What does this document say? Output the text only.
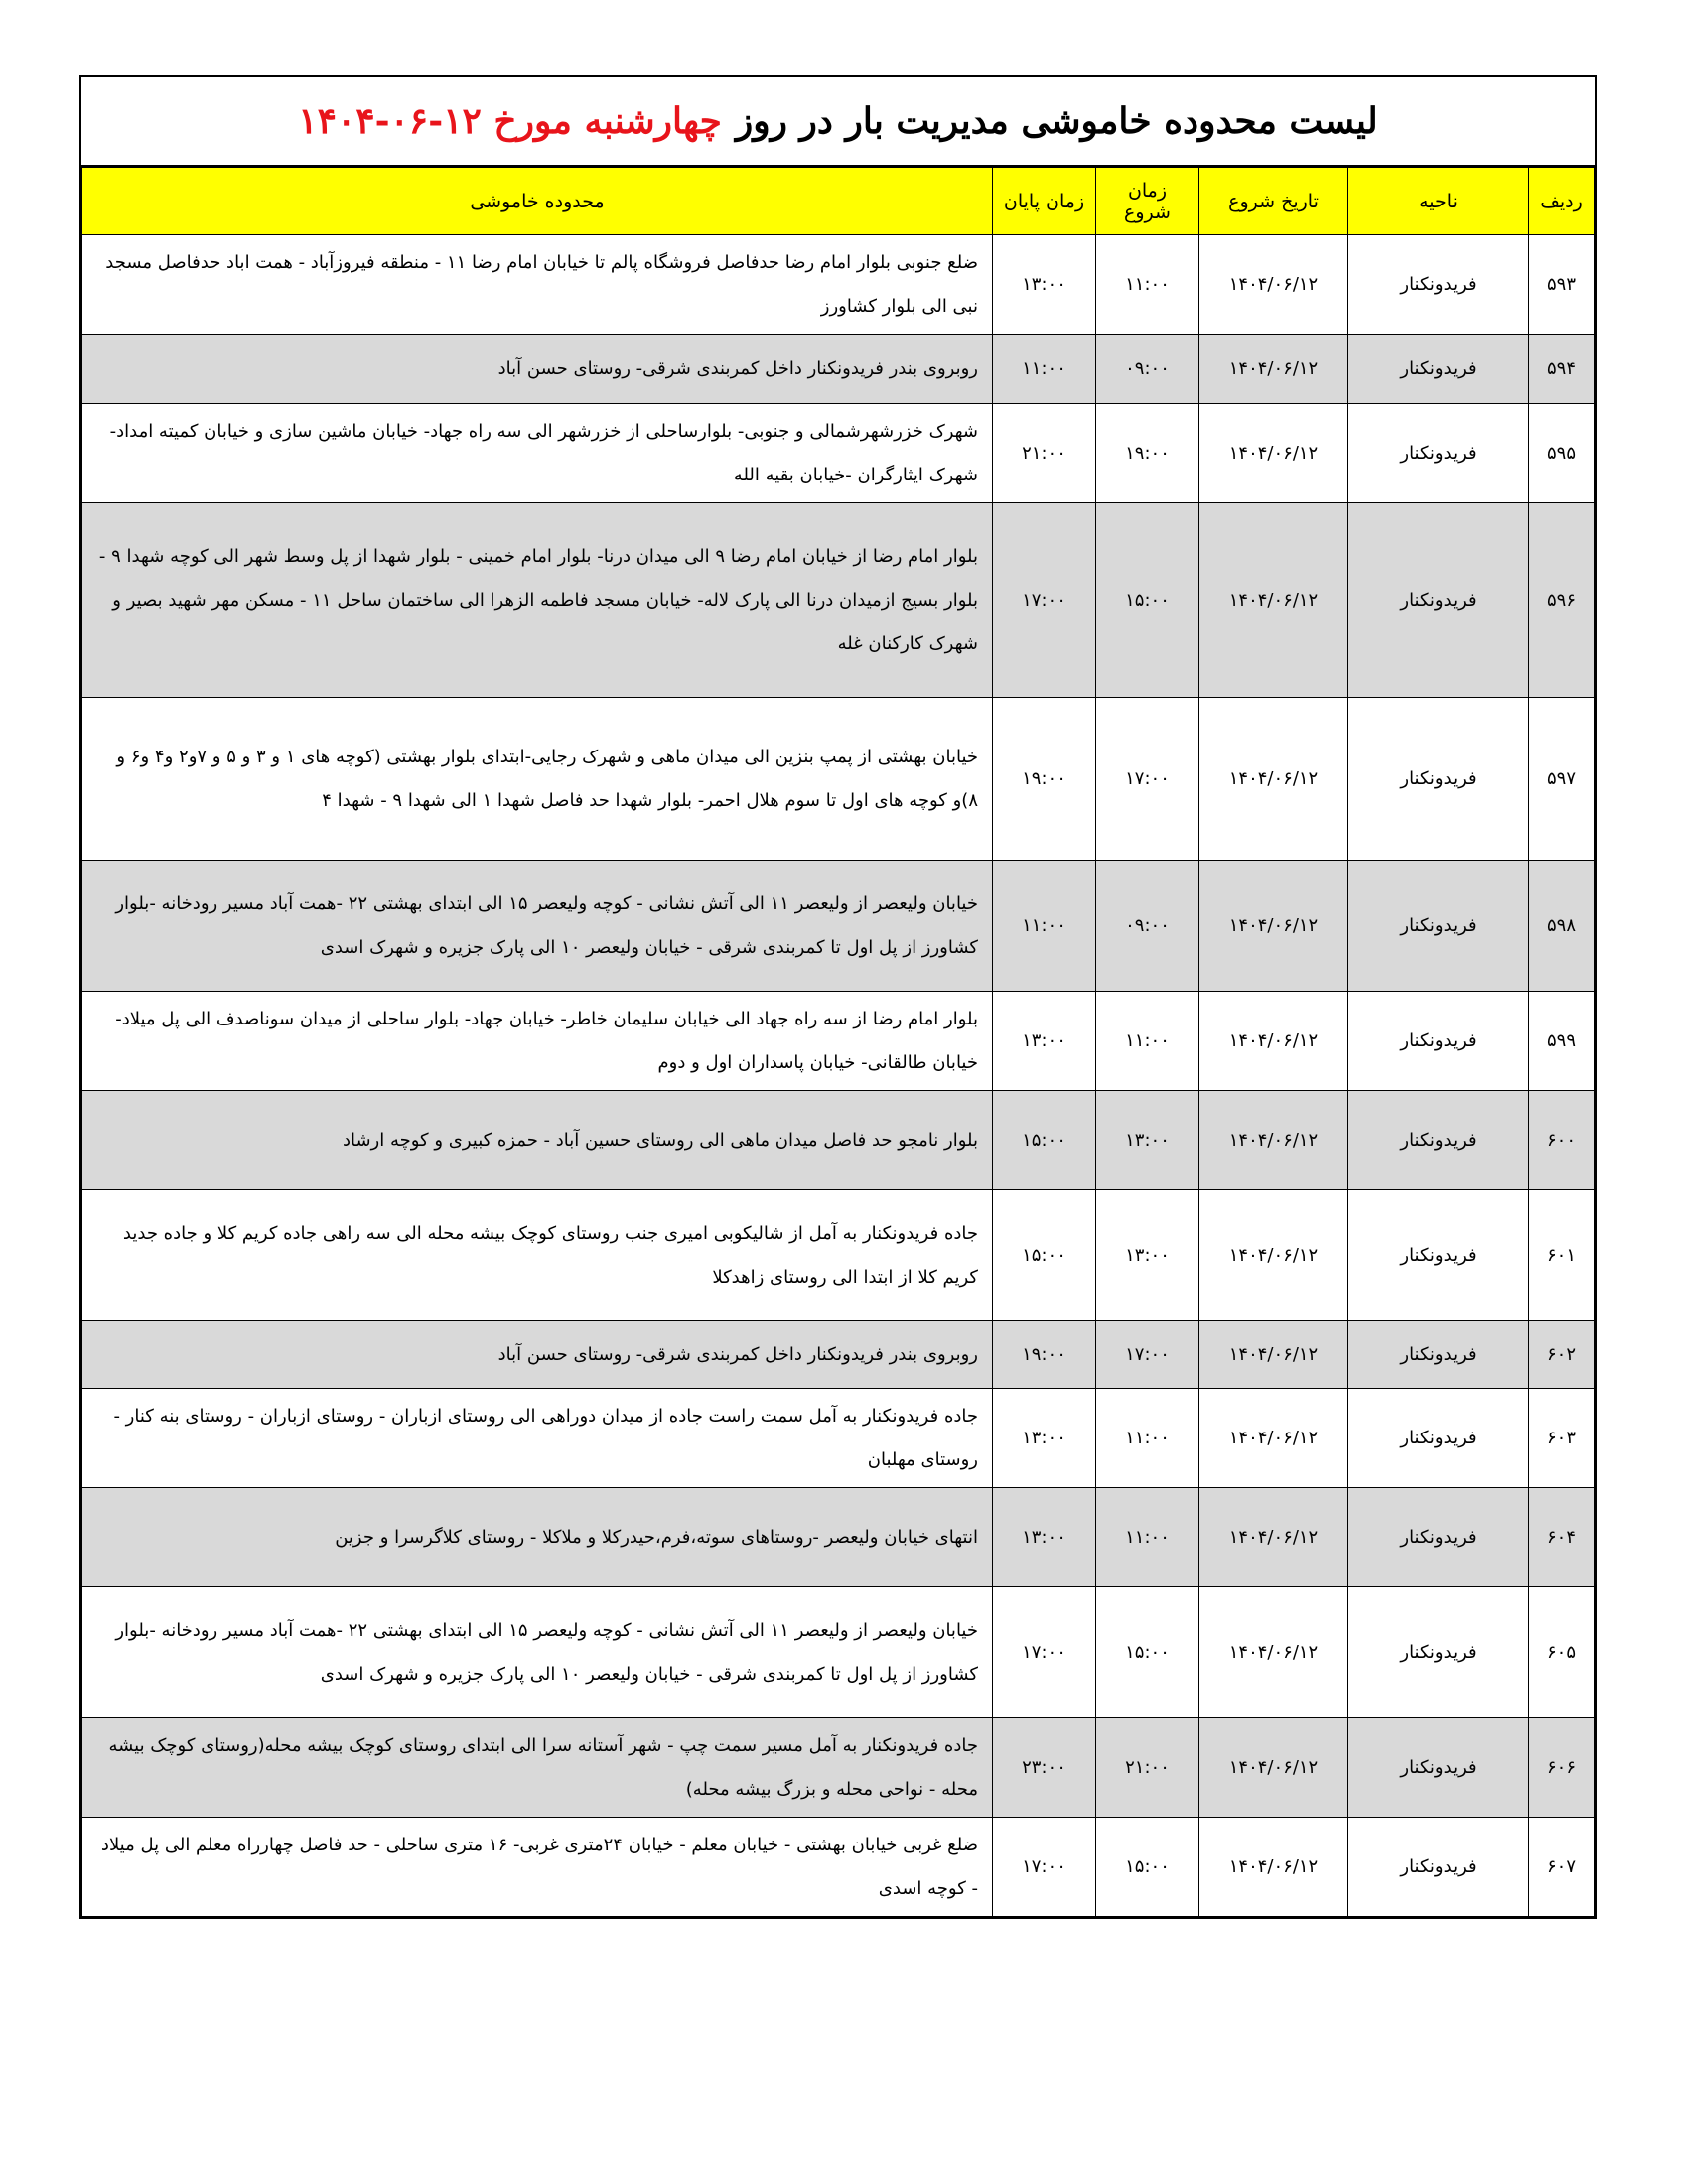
لیست محدوده خاموشی مدیریت بار در روز
چهارشنبه مورخ ۱۲-۰۶-۱۴۰۴
ردیف	ناحیه	تاریخ شروع	زمان شروع	زمان پایان	محدوده خاموشی
۵۹۳	فریدونکنار	۱۴۰۴/۰۶/۱۲	۱۱:۰۰	۱۳:۰۰	ضلع جنوبی بلوار امام رضا حدفاصل فروشگاه پالم تا خیابان امام رضا ۱۱ - منطقه فیروزآباد - همت اباد حدفاصل مسجد نبی الی بلوار کشاورز
۵۹۴	فریدونکنار	۱۴۰۴/۰۶/۱۲	۰۹:۰۰	۱۱:۰۰	روبروی بندر فریدونکنار داخل کمربندی شرقی- روستای حسن آباد
۵۹۵	فریدونکنار	۱۴۰۴/۰۶/۱۲	۱۹:۰۰	۲۱:۰۰	شهرک خزرشهرشمالی و جنوبی- بلوارساحلی از خزرشهر الی سه راه جهاد- خیابان ماشین سازی و خیابان کمیته امداد- شهرک ایثارگران -خیابان بقیه الله
۵۹۶	فریدونکنار	۱۴۰۴/۰۶/۱۲	۱۵:۰۰	۱۷:۰۰	بلوار امام رضا از خیابان امام رضا ۹ الی میدان درنا- بلوار امام خمینی - بلوار شهدا از پل وسط شهر الی کوچه شهدا ۹ - بلوار بسیج ازمیدان درنا الی پارک لاله- خیابان مسجد فاطمه الزهرا الی ساختمان ساحل ۱۱ - مسکن مهر شهید بصیر و شهرک کارکنان غله
۵۹۷	فریدونکنار	۱۴۰۴/۰۶/۱۲	۱۷:۰۰	۱۹:۰۰	خیابان بهشتی از پمپ بنزین الی میدان ماهی و شهرک رجایی-ابتدای بلوار بهشتی (کوچه های ۱ و ۳ و ۵ و ۷و۲ و۴ و۶ و ۸)و کوچه های اول تا سوم هلال احمر- بلوار شهدا حد فاصل شهدا ۱ الی شهدا ۹ - شهدا ۴
۵۹۸	فریدونکنار	۱۴۰۴/۰۶/۱۲	۰۹:۰۰	۱۱:۰۰	خیابان ولیعصر از ولیعصر ۱۱ الی آتش نشانی - کوچه ولیعصر ۱۵ الی ابتدای بهشتی ۲۲ -همت آباد مسیر رودخانه -بلوار کشاورز از پل اول تا کمربندی شرقی - خیابان ولیعصر ۱۰ الی پارک جزیره و شهرک اسدی
۵۹۹	فریدونکنار	۱۴۰۴/۰۶/۱۲	۱۱:۰۰	۱۳:۰۰	بلوار امام رضا از سه راه جهاد الی خیابان سلیمان خاطر- خیابان جهاد- بلوار ساحلی از میدان سوناصدف الی پل میلاد- خیابان طالقانی- خیابان پاسداران اول و دوم
۶۰۰	فریدونکنار	۱۴۰۴/۰۶/۱۲	۱۳:۰۰	۱۵:۰۰	بلوار نامجو حد فاصل میدان ماهی الی روستای حسین آباد - حمزه کبیری و کوچه ارشاد
۶۰۱	فریدونکنار	۱۴۰۴/۰۶/۱۲	۱۳:۰۰	۱۵:۰۰	جاده فریدونکنار به آمل از شالیکوبی امیری جنب روستای کوچک بیشه محله الی سه راهی جاده کریم کلا و جاده جدید کریم کلا از ابتدا الی روستای زاهدکلا
۶۰۲	فریدونکنار	۱۴۰۴/۰۶/۱۲	۱۷:۰۰	۱۹:۰۰	روبروی بندر فریدونکنار داخل کمربندی شرقی- روستای حسن آباد
۶۰۳	فریدونکنار	۱۴۰۴/۰۶/۱۲	۱۱:۰۰	۱۳:۰۰	جاده فریدونکنار به آمل سمت راست جاده از میدان دوراهی الی روستای ازباران - روستای ازباران - روستای بنه کنار - روستای مهلبان
۶۰۴	فریدونکنار	۱۴۰۴/۰۶/۱۲	۱۱:۰۰	۱۳:۰۰	انتهای خیابان ولیعصر -روستاهای سوته،فرم،حیدرکلا و ملاکلا - روستای کلاگرسرا و جزین
۶۰۵	فریدونکنار	۱۴۰۴/۰۶/۱۲	۱۵:۰۰	۱۷:۰۰	خیابان ولیعصر از ولیعصر ۱۱ الی آتش نشانی - کوچه ولیعصر ۱۵ الی ابتدای بهشتی ۲۲ -همت آباد مسیر رودخانه -بلوار کشاورز از پل اول تا کمربندی شرقی - خیابان ولیعصر ۱۰ الی پارک جزیره و شهرک اسدی
۶۰۶	فریدونکنار	۱۴۰۴/۰۶/۱۲	۲۱:۰۰	۲۳:۰۰	جاده فریدونکنار به آمل مسیر سمت چپ - شهر آستانه سرا الی ابتدای روستای کوچک بیشه محله(روستای کوچک بیشه محله - نواحی محله و بزرگ بیشه محله)
۶۰۷	فریدونکنار	۱۴۰۴/۰۶/۱۲	۱۵:۰۰	۱۷:۰۰	ضلع غربی خیابان بهشتی - خیابان معلم - خیابان ۲۴متری غربی- ۱۶ متری ساحلی - حد فاصل چهارراه معلم الی پل میلاد - کوچه اسدی
